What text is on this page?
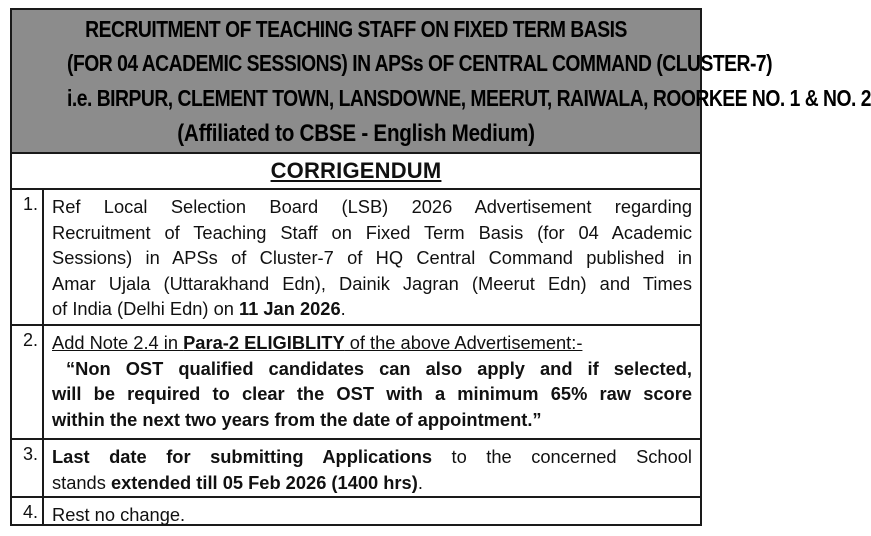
RECRUITMENT OF TEACHING STAFF ON FIXED TERM BASIS
(FOR 04 ACADEMIC SESSIONS) IN APSs OF CENTRAL COMMAND (CLUSTER-7)
i.e. BIRPUR, CLEMENT TOWN, LANSDOWNE, MEERUT, RAIWALA, ROORKEE NO. 1 & NO. 2
(Affiliated to CBSE - English Medium)
CORRIGENDUM
1. Ref Local Selection Board (LSB) 2026 Advertisement regarding
Recruitment of Teaching Staff on Fixed Term Basis (for 04 Academic
Sessions) in APSs of Cluster-7 of HQ Central Command published in
Amar Ujala (Uttarakhand Edn), Dainik Jagran (Meerut Edn) and Times
of India (Delhi Edn) on 11 Jan 2026.
2. Add Note 2.4 in Para-2 ELIGIBLITY of the above Advertisement:-
“Non OST qualified candidates can also apply and if selected,
will be required to clear the OST with a minimum 65% raw score
within the next two years from the date of appointment.”
3. Last date for submitting Applications to the concerned School
stands extended till 05 Feb 2026 (1400 hrs).
4. Rest no change.
